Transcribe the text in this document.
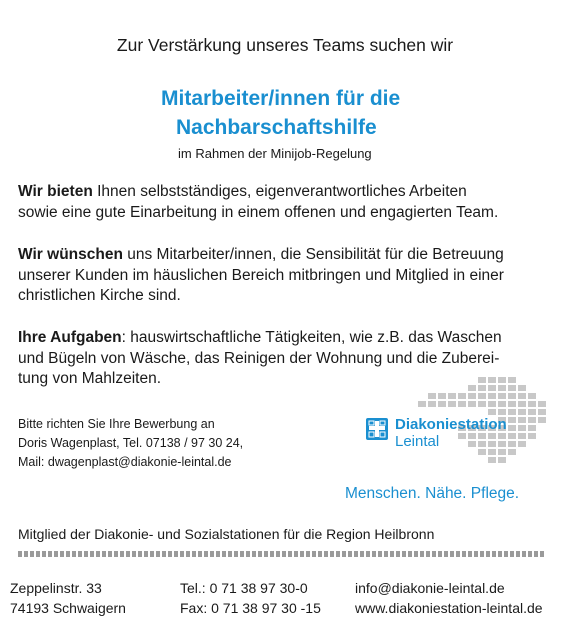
Zur Verstärkung unseres Teams suchen wir
Mitarbeiter/innen für die
Nachbarschaftshilfe
im Rahmen der Minijob-Regelung
Wir bieten Ihnen selbstständiges, eigenverantwortliches Arbeiten
sowie eine gute Einarbeitung in einem offenen und engagierten Team.
Wir wünschen uns Mitarbeiter/innen, die Sensibilität für die Betreuung
unserer Kunden im häuslichen Bereich mitbringen und Mitglied in einer
christlichen Kirche sind.
Ihre Aufgaben: hauswirtschaftliche Tätigkeiten, wie z.B. das Waschen
und Bügeln von Wäsche, das Reinigen der Wohnung und die Zuberei-
tung von Mahlzeiten.
Bitte richten Sie Ihre Bewerbung an
Doris Wagenplast, Tel. 07138 / 97 30 24,
Mail: dwagenplast@diakonie-leintal.de
Diakoniestation
Leintal
Menschen. Nähe. Pflege.
Mitglied der Diakonie- und Sozialstationen für die Region Heilbronn
Zeppelinstr. 33
74193 Schwaigern
Tel.: 0 71 38 97 30-0
Fax: 0 71 38 97 30 -15
info@diakonie-leintal.de
www.diakoniestation-leintal.de
